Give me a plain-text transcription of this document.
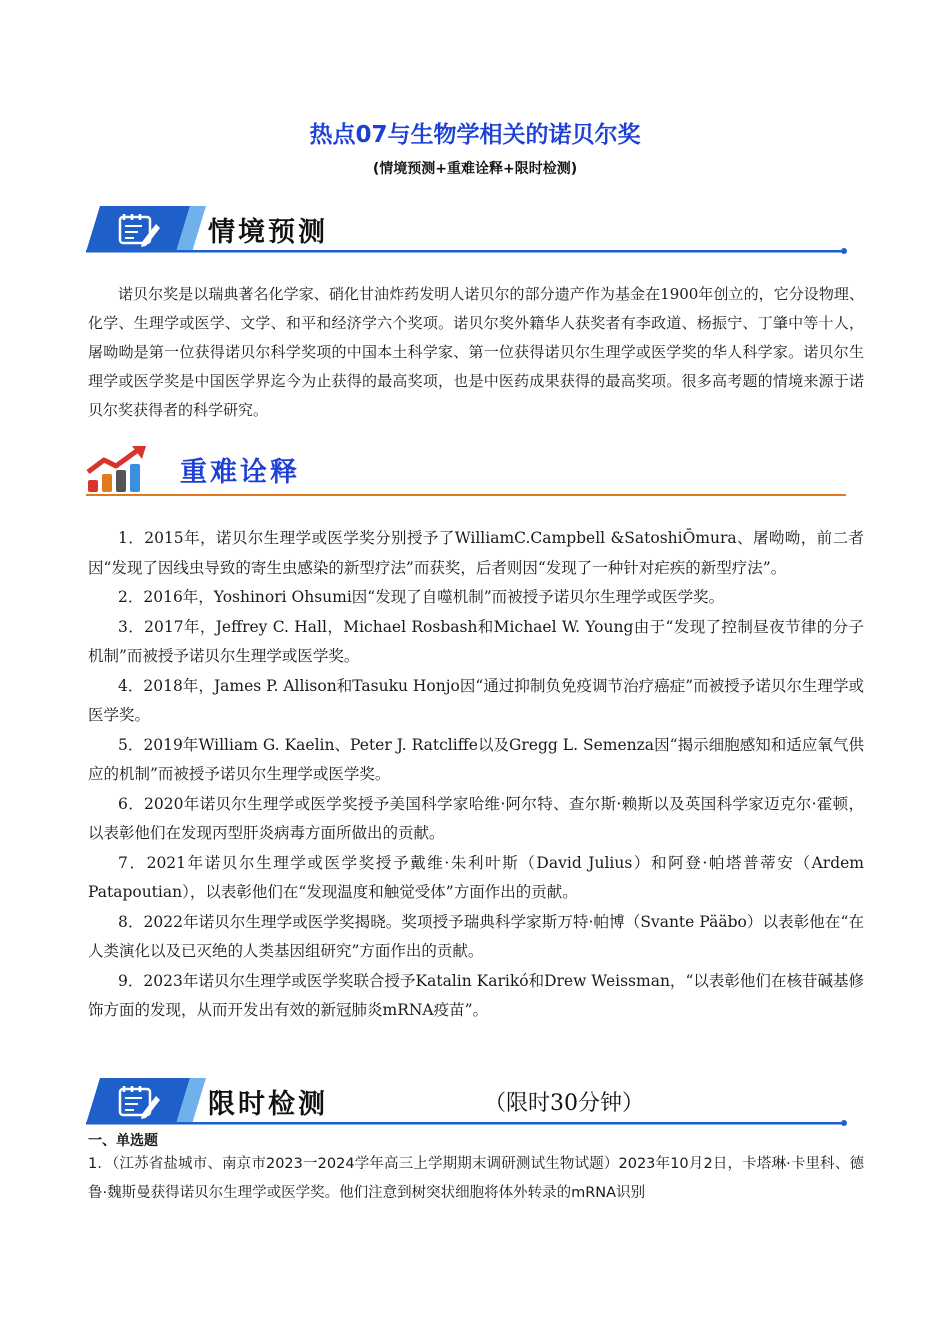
热点07与生物学相关的诺贝尔奖
(情境预测+重难诠释+限时检测)
情境预测
诺贝尔奖是以瑞典著名化学家、硝化甘油炸药发明人诺贝尔的部分遗产作为基金在1900年创立的，它分设物理、化学、生理学或医学、文学、和平和经济学六个奖项。诺贝尔奖外籍华人获奖者有李政道、杨振宁、丁肇中等十人，屠呦呦是第一位获得诺贝尔科学奖项的中国本土科学家、第一位获得诺贝尔生理学或医学奖的华人科学家。诺贝尔生理学或医学奖是中国医学界迄今为止获得的最高奖项，也是中医药成果获得的最高奖项。很多高考题的情境来源于诺贝尔奖获得者的科学研究。
重难诠释

1．2015年，诺贝尔生理学或医学奖分别授予了WilliamC.Campbell &SatoshiŌmura、屠呦呦，前二者因“发现了因线虫导致的寄生虫感染的新型疗法”而获奖，后者则因“发现了一种针对疟疾的新型疗法”。

2．2016年，Yoshinori Ohsumi因“发现了自噬机制”而被授予诺贝尔生理学或医学奖。

3．2017年，Jeffrey C. Hall，Michael Rosbash和Michael W. Young由于“发现了控制昼夜节律的分子机制”而被授予诺贝尔生理学或医学奖。

4．2018年，James P. Allison和Tasuku Honjo因“通过抑制负免疫调节治疗癌症”而被授予诺贝尔生理学或医学奖。

5．2019年William G. Kaelin、Peter J. Ratcliffe以及Gregg L. Semenza因“揭示细胞感知和适应氧气供应的机制”而被授予诺贝尔生理学或医学奖。

6．2020年诺贝尔生理学或医学奖授予美国科学家哈维·阿尔特、查尔斯·赖斯以及英国科学家迈克尔·霍顿，以表彰他们在发现丙型肝炎病毒方面所做出的贡献。

7．2021年诺贝尔生理学或医学奖授予戴维·朱利叶斯（David Julius）和阿登·帕塔普蒂安（Ardem Patapoutian），以表彰他们在“发现温度和触觉受体”方面作出的贡献。

8．2022年诺贝尔生理学或医学奖揭晓。奖项授予瑞典科学家斯万特·帕博（Svante Pääbo）以表彰他在“在人类演化以及已灭绝的人类基因组研究”方面作出的贡献。

9．2023年诺贝尔生理学或医学奖联合授予Katalin Karikó和Drew Weissman，“以表彰他们在核苷碱基修饰方面的发现，从而开发出有效的新冠肺炎mRNA疫苗”。

限时检测	（限时30分钟）
一、单选题
1．（江苏省盐城市、南京市2023一2024学年高三上学期期末调研测试生物试题）2023年10月2日，卡塔琳·卡里科、德鲁·魏斯曼获得诺贝尔生理学或医学奖。他们注意到树突状细胞将体外转录的mRNA识别
